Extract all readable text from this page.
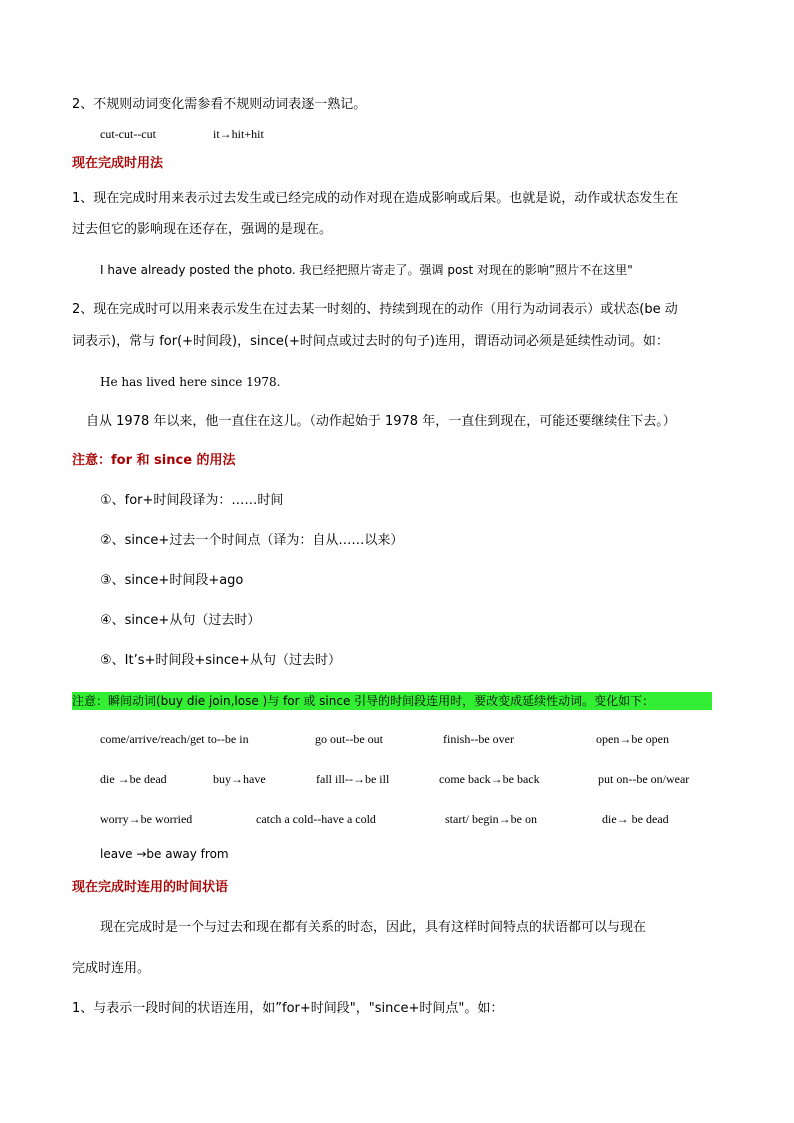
2、不规则动词变化需参看不规则动词表逐一熟记。
cut-cut--cut	it→hit+hit
现在完成时用法
1、现在完成时用来表示过去发生或已经完成的动作对现在造成影响或后果。也就是说，动作或状态发生在
过去但它的影响现在还存在，强调的是现在。
I have already posted the photo. 我已经把照片寄走了。强调 post 对现在的影响”照片不在这里"
2、现在完成时可以用来表示发生在过去某一时刻的、持续到现在的动作（用行为动词表示）或状态(be 动
词表示)，常与 for(+时间段)，since(+时间点或过去时的句子)连用，谓语动词必须是延续性动词。如：
He has lived here since 1978.
自从 1978 年以来，他一直住在这儿。（动作起始于 1978 年，一直住到现在，可能还要继续住下去。）
注意：for 和 since 的用法
①、for+时间段译为：……时间
②、since+过去一个时间点（译为：自从……以来）
③、since+时间段+ago
④、since+从句（过去时）
⑤、It’s+时间段+since+从句（过去时）
注意：瞬间动词(buy die join,lose )与 for 或 since 引导的时间段连用时，要改变成延续性动词。变化如下：
come/arrive/reach/get to--be in	go out--be out	finish--be over	open→be open
die →be dead	buy→have	fall ill--→be ill	come back→be back	put on--be on/wear
worry→be worried	catch a cold--have a cold	start/ begin→be on	die→ be dead
leave →be away from
现在完成时连用的时间状语
现在完成时是一个与过去和现在都有关系的时态，因此，具有这样时间特点的状语都可以与现在
完成时连用。
1、与表示一段时间的状语连用，如”for+时间段"，"since+时间点"。如：
